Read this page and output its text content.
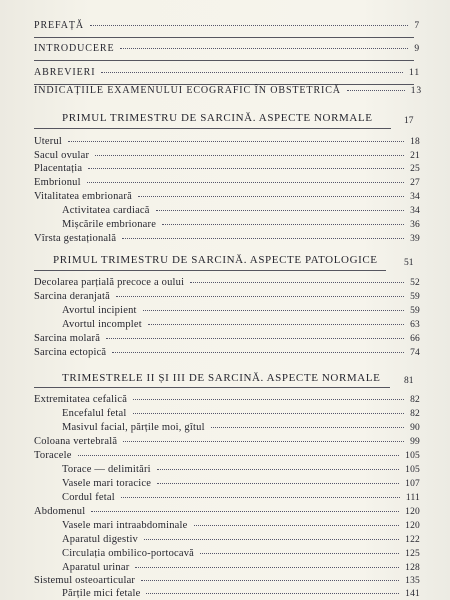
PREFAȚĂ	7
INTRODUCERE	9
ABREVIERI	11
INDICAȚIILE EXAMENULUI ECOGRAFIC ÎN OBSTETRICĂ	13
PRIMUL TRIMESTRU DE SARCINĂ. ASPECTE NORMALE	17
Uterul	18
Sacul ovular	21
Placentația	25
Embrionul	27
Vitalitatea embrionară	34
Activitatea cardiacă	34
Mișcările embrionare	36
Vîrsta gestațională	39
PRIMUL TRIMESTRU DE SARCINĂ. ASPECTE PATOLOGICE	51
Decolarea parțială precoce a oului	52
Sarcina deranjată	59
Avortul incipient	59
Avortul incomplet	63
Sarcina molară	66
Sarcina ectopică	74
TRIMESTRELE II ȘI III DE SARCINĂ. ASPECTE NORMALE 81
Extremitatea cefalică	82
Encefalul fetal	82
Masivul facial, părțile moi, gîtul	90
Coloana vertebrală	99
Toracele	105
Torace — delimitări	105
Vasele mari toracice	107
Cordul fetal	111
Abdomenul	120
Vasele mari intraabdominale	120
Aparatul digestiv	122
Circulația ombilico-portocavă	125
Aparatul urinar	128
Sistemul osteoarticular	135
Părțile mici fetale	141
